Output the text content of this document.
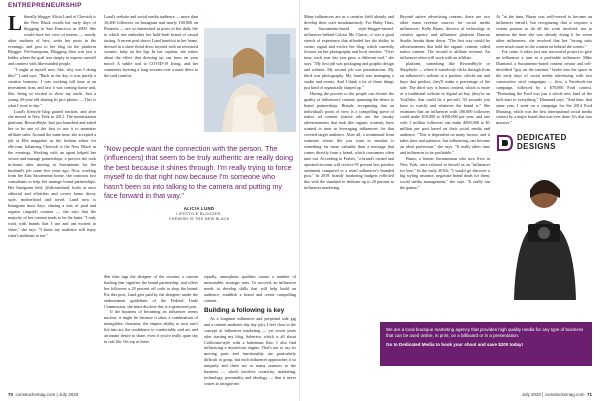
ENTREPRENEURSHIP

Liberally blogger Alicia Lund of Chewish is the New Black recalls her early days of blogging in San Francisco in 2009. She would have her crew of interns — mostly other students of hers, write her posts in the evenings, and post to her blog on the platform Blogger. Pre-Instagram, Blogging then was just a hobby where the goal was simply to express oneself and connect with like-minded people.

"I ought at myself now, like, why was I doing this?" Lund says. "Back in the day, it was purely a creative business. I was working full time at an investment firm, and fast it was coming home and, like, being so excited to show my outfit. Just a young 20-year-old sharing fit pics photos — This is what I wore to day."

Lund's lifestyle blog gained traction, and after she moved to New York in 2012. The monetization platform, RewardStyle, had just launched and asked her to be one of the first to use it to monetize affiliate sales. Around the same time, she accepted a job at Elle magazine as the fashion editor for elle.com, balancing Chewish is the New Black in the evenings. Working with an agent helped her secure and manage partnerships, a process she took in-house after moving to Sacramento for her husband's job some five years ago. Now, working from her East Sacramento home, she contracts two consultants to help her manage brand partnerships. Her Instagram feed, @aliciamlund, looks at once editorial and effortless and covers home decor, style, motherhood and travel. Lund now is Instagram most days, sharing a mix of paid and organic (unpaid) content — she says that the majority of her content tends to be the latter. "I only work with brands that I use and am excited to share," she says. "I know my audience will enjoy what's authentic to me."

Lund's website and social media audience — more than 16,400 followers on Instagram and nearly 100,000 on Pinterest — are so entrenched in posts of her daily life to which she embodies her bold-hash brand of casual tasting. A recent post shows Lund barefoot in her home, dressed in a sheer floral dress layered with an oversized sweater, baby on her hip. In her caption, she writes about the effect that dressing up can have on your mood: A subtle nod to COVID-19 living, and her comments layering a long sweater over a maxi dress to the said comfort.

"Now people want the connection with the person. The (influencers) that seem to be truly authentic are really doing the best because it shines through. I'm really trying to force myself to do that right now because I'm someone who hasn't been so into talking to the camera and putting my face forward in that way."
ALICIA LUND
LIFESTYLE BLOGGER,
CHEWISH IS THE NEW BLACK

She then tags the designer of the sweater, a custom hashtag that signifies the brand partnership, and offers her followers a 20 percent off code to shop the brand. For this post, Lund gets paid by the designer; under the endorsement guidelines of the Federal Trade Commission, she must disclose this is a sponsored post.

If the business of becoming an influencer seems nuclear, it might be because it takes a combination of intangibles: charisma, the emptor ability to turn one's life into art, the confidence to comfortably said art, and an innate desire to share, even if you're really quite shy in real life. On top of these

equally, amorphous qualities comes a number of measurable, strategic ones. To succeed, an influencer needs to develop skills that will help build an audience, establish a brand and create compelling content.

Building a following is key

As a longtime influencer and perpetual side gig and a content marketer day day job), I feel close to the concept of influencer marketing — yet seven years after starting my blog, Sobereta, which is all about California-style with a bohemian flair, I also find influencing a mysterious engine. That's not to say its moving parts and functionality are particularly difficult to grasp, but each influencer approaches it so uniquely and there are so many nuances to the business — which involves creativity, marketing, technology, personality and ideology — that it never ceases to intrigue me.

70 comstocksmag.com | July 2020

Many influencers are in a creative field already and develop their craft simultaneously. For Haley Titus, the Sacramento-based style-blogger-turned-influencer behind Colour Me Classic, it was a good stretch of experience that afforded her the ability to create, signal and evolve her blog, which currently focuses on her photography and local vendors. "Over time, each year lets you grow a different tool," she says. "My first job was packaging and graphic design and website. My second job was presentations. My third was photography. My fourth was managing a studio and events. And I think a lot of those things just kind of organically shaped up."

Having the process to the people can elevate the quality of influencers' content, spanning the desire to brand partnerships. Brands, recognizing that an individual's point of view is a compelling piece of native ad content (native ads are the sneaky advertisements that look like organic content), have wanted to tune in leveraging influencers for that coveted target audience. After all, a testimonial from someone whose life you want to emulate is something far more valuable than a message that comes directly from a brand, which consumers often tune out. According to Forbes, "a brand's owned and operated account will receive 95 percent less positive sentiment compared to a retail influencer's branded post." In 2019, brands' marketing budgets reflected this with the standard to dedicate up to 20 percent to influencer marketing.

Beyond native advertising content, there are two other main revenue sources for social media influencers: Kelly Burns, director of technology at creative agency and influencer platform Duncan Studio, breaks them down: "The first way would be advertisements that hold the organic content, called native content. The second is affiliate revenue. An influencer often will work with an affiliate

platform, something like RewardStyle or ShopStyle — where if somebody clicks through from an influencer's website to a product, checks out and buys that product, they'll make a percentage of the sale. The third way is bonus content, which is more of a traditional website or digital ad buy (they're on YouTube, that could be a pre-roll, 30 seconds you have to watch) and whatever the brand is." She estimates that an influencer with 100,000 followers could make $10,000 to $100,000 per year, and one with 1 million followers can make $500,000 to $1 million per post based on their social media and audience. "This is dependent on many factors, and it takes time and patience, but influencing can become an ideal profession," she says. "It really takes time and influences to be profitable."

Burns, a former Sacramentan who now lives in New York, once referred to herself as an "influencer for hire." In the early 2010s, "I would go discover a big styling instance, negotiate brand deals for them, social media management," she says. "It really ran the gamut."

At "at the time, Burns was well-versed to become an influencer herself, but recognizing that it requires a certain passion to do all the work involved, not to mention the time she was already doing it for seven other influencers, she resolved that her "strong suits were much more in the content on behind the scenes."

For some, it takes just one successful project to give an influencer a turn as a profitable influencer. Mike Diamond, a Sacramento-based content creator and self-described "guy on the internet," broke into the space in the early days of social media advertising with two consecutive viral campaigns — first, a Facebook-era campaign, followed by a $70,000 Ford contest. "Promoting the Ford was just a whole new kind of the kick-start to everything," Diamond says. "And then, that same year, I went on a campaign for the 2014 Ford Mustang, which was the first international social media contest by a major brand that was ever done. It's that was massive."

DEDICATED
DESIGNS
We are a local boutique marketing agency that provides high quality media for any type of business that can be used online, in print, on a billboard or in a presentation.
Go to Dedicated Media to book your shoot and save $200 today!
July 2020 | comstocksmag.com 71
